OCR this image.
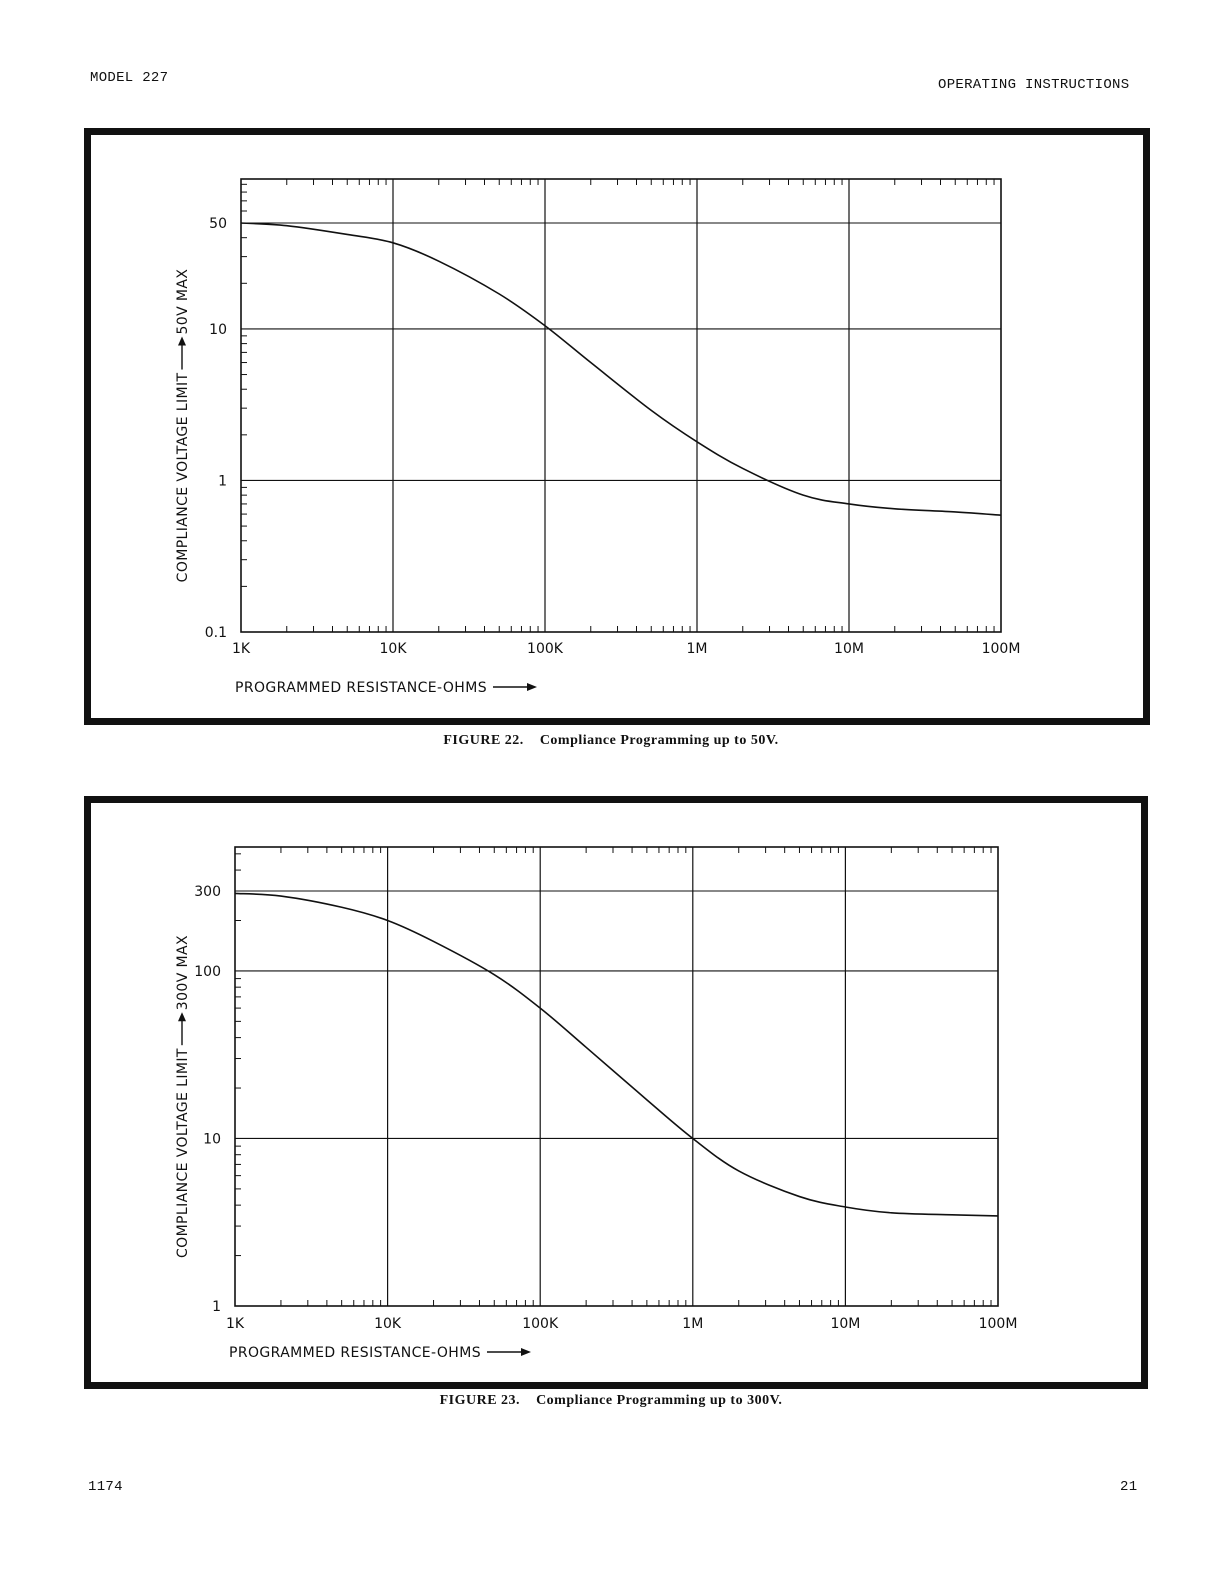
MODEL 227	OPERATING INSTRUCTIONS
0.1
1
10
50
1K	10K	100K	1M	10M	100M
PROGRAMMED RESISTANCE-OHMS
COMPLIANCE VOLTAGE LIMIT
50V MAX
FIGURE 22. Compliance Programming up to 50V.
1
10
100
300
1K	10K	100K	1M	10M	100M
PROGRAMMED RESISTANCE-OHMS
COMPLIANCE VOLTAGE LIMIT
300V MAX
FIGURE 23. Compliance Programming up to 300V.
1174	21
